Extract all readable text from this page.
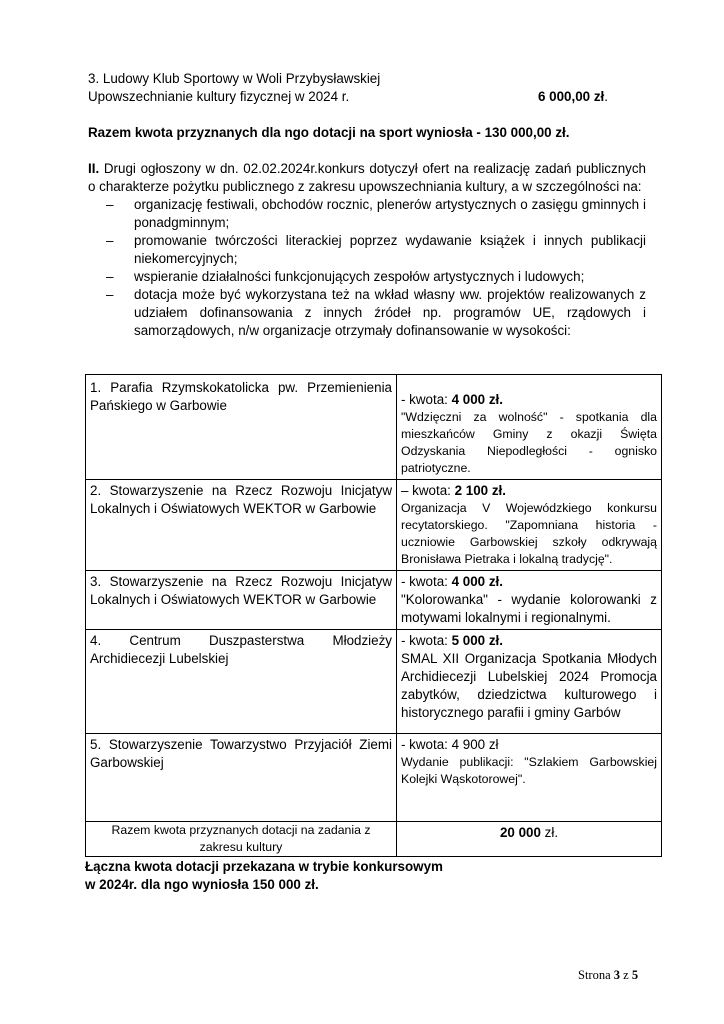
3. Ludowy Klub Sportowy w Woli Przybysławskiej
Upowszechnianie kultury fizycznej w 2024 r.	6 000,00 zł.
Razem kwota przyznanych dla ngo dotacji na sport wyniosła - 130 000,00 zł.
II. Drugi ogłoszony w dn. 02.02.2024r.konkurs dotyczył ofert na realizację zadań publicznych o charakterze pożytku publicznego z zakresu upowszechniania kultury, a w szczególności na:
– organizację festiwali, obchodów rocznic, plenerów artystycznych o zasięgu gminnych i ponadgminnym;
– promowanie twórczości literackiej poprzez wydawanie książek i innych publikacji niekomercyjnych;
– wspieranie działalności funkcjonujących zespołów artystycznych i ludowych;
– dotacja może być wykorzystana też na wkład własny ww. projektów realizowanych z udziałem dofinansowania z innych źródeł np. programów UE, rządowych i samorządowych, n/w organizacje otrzymały dofinansowanie w wysokości:
1. Parafia Rzymskokatolicka pw. Przemienienia Pańskiego w Garbowie	- kwota: 4 000 zł.
"Wdzięczni za wolność" - spotkania dla mieszkańców Gminy z okazji Święta Odzyskania Niepodległości - ognisko patriotyczne.

2. Stowarzyszenie na Rzecz Rozwoju Inicjatyw Lokalnych i Oświatowych WEKTOR w Garbowie	– kwota: 2 100 zł.
Organizacja V Wojewódzkiego konkursu recytatorskiego. "Zapomniana historia - uczniowie Garbowskiej szkoły odkrywają Bronisława Pietraka i lokalną tradycję".

3. Stowarzyszenie na Rzecz Rozwoju Inicjatyw Lokalnych i Oświatowych WEKTOR w Garbowie	- kwota: 4 000 zł.
"Kolorowanka" - wydanie kolorowanki z motywami lokalnymi i regionalnymi.

4. Centrum Duszpasterstwa Młodzieży Archidiecezji Lubelskiej	- kwota: 5 000 zł.
SMAL XII Organizacja Spotkania Młodych Archidiecezji Lubelskiej 2024 Promocja zabytków, dziedzictwa kulturowego i historycznego parafii i gminy Garbów

5. Stowarzyszenie Towarzystwo Przyjaciół Ziemi Garbowskiej	- kwota: 4 900 zł
Wydanie publikacji: "Szlakiem Garbowskiej Kolejki Wąskotorowej".

Razem kwota przyznanych dotacji na zadania z zakresu kultury	20 000 zł.
Łączna kwota dotacji przekazana w trybie konkursowym
w 2024r. dla ngo wyniosła 150 000 zł.
Strona 3 z 5
